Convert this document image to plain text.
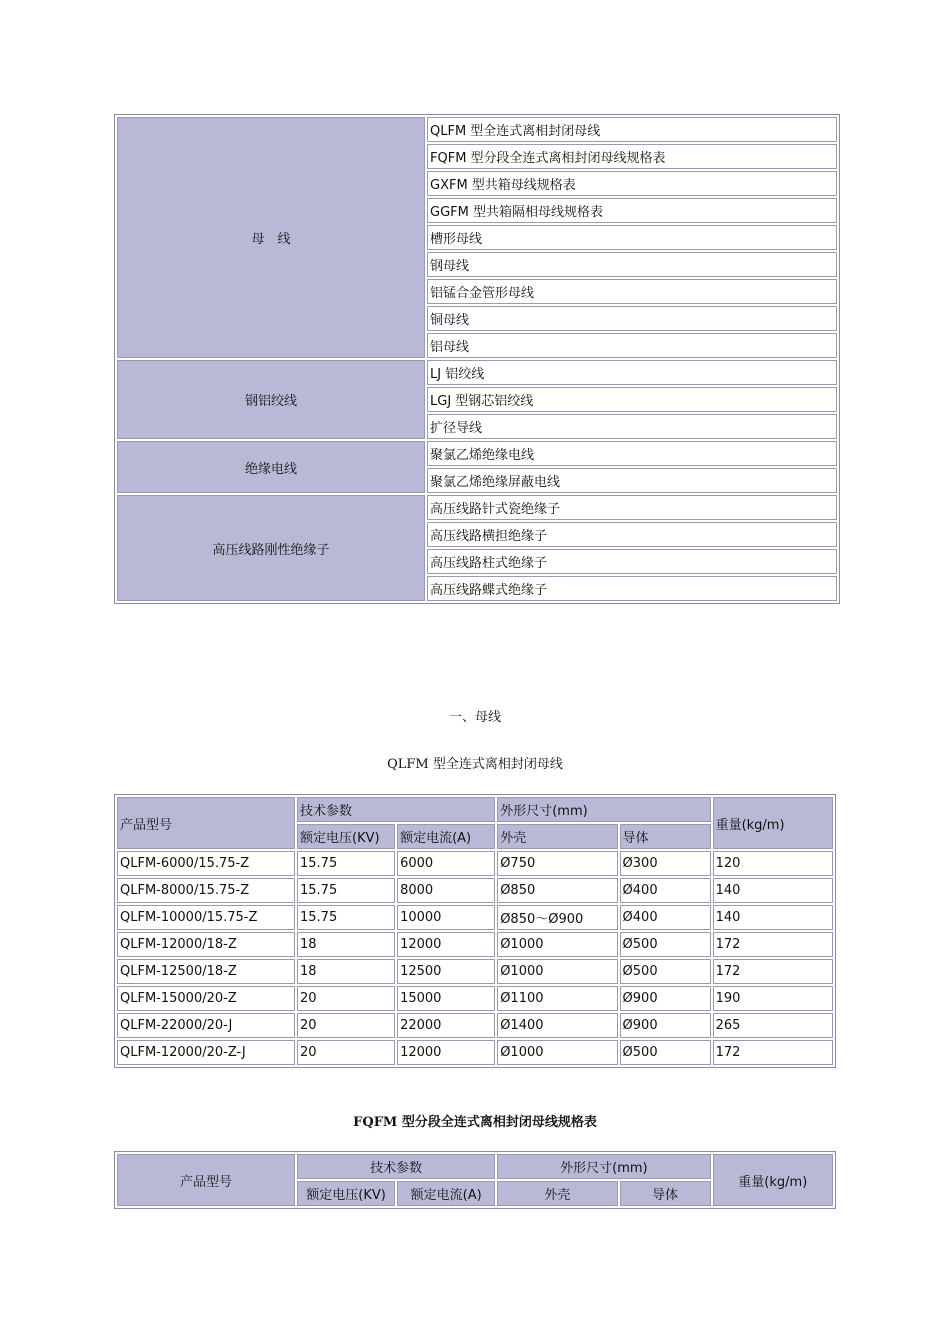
母　线	QLFM 型全连式离相封闭母线
	FQFM 型分段全连式离相封闭母线规格表
	GXFM 型共箱母线规格表
	GGFM 型共箱隔相母线规格表
	槽形母线
	钢母线
	铝锰合金管形母线
	铜母线
	铝母线
钢铝绞线	LJ 铝绞线
	LGJ 型钢芯铝绞线
	扩径导线
绝缘电线	聚氯乙烯绝缘电线
	聚氯乙烯绝缘屏蔽电线
高压线路刚性绝缘子	高压线路针式瓷绝缘子
	高压线路横担绝缘子
	高压线路柱式绝缘子
	高压线路蝶式绝缘子
一、母线
QLFM 型全连式离相封闭母线
产品型号	技术参数		外形尺寸(mm)		重量(kg/m)
	额定电压(KV)	额定电流(A)	外壳	导体	
QLFM-6000/15.75-Z	15.75	6000	Ø750	Ø300	120
QLFM-8000/15.75-Z	15.75	8000	Ø850	Ø400	140
QLFM-10000/15.75-Z	15.75	10000	Ø850～Ø900	Ø400	140
QLFM-12000/18-Z	18	12000	Ø1000	Ø500	172
QLFM-12500/18-Z	18	12500	Ø1000	Ø500	172
QLFM-15000/20-Z	20	15000	Ø1100	Ø900	190
QLFM-22000/20-J	20	22000	Ø1400	Ø900	265
QLFM-12000/20-Z-J	20	12000	Ø1000	Ø500	172
FQFM 型分段全连式离相封闭母线规格表
产品型号	技术参数		外形尺寸(mm)		重量(kg/m)
	额定电压(KV)	额定电流(A)	外壳	导体	
